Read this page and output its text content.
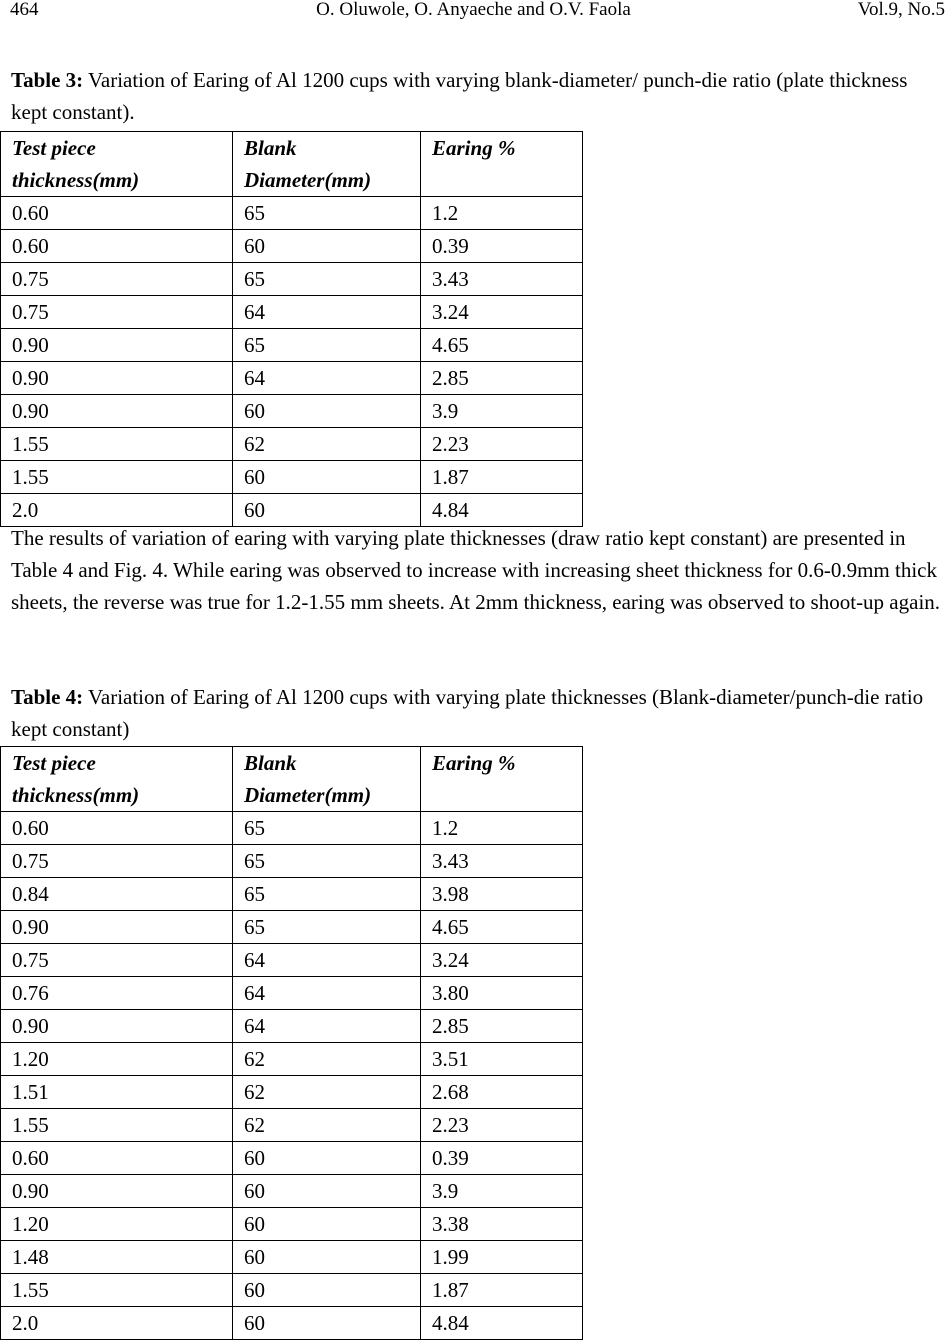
464	O. Oluwole, O. Anyaeche and O.V. Faola	Vol.9, No.5
Table 3: Variation of Earing of Al 1200 cups with varying blank-diameter/ punch-die ratio (plate thickness kept constant).
Test piece thickness(mm)	Blank Diameter(mm)	Earing %
0.60	65	1.2
0.60	60	0.39
0.75	65	3.43
0.75	64	3.24
0.90	65	4.65
0.90	64	2.85
0.90	60	3.9
1.55	62	2.23
1.55	60	1.87
2.0	60	4.84
The results of variation of earing with varying plate thicknesses (draw ratio kept constant) are presented in Table 4 and Fig. 4. While earing was observed to increase with increasing sheet thickness for 0.6-0.9mm thick sheets, the reverse was true for 1.2-1.55 mm sheets. At 2mm thickness, earing was observed to shoot-up again.
Table 4: Variation of Earing of Al 1200 cups with varying plate thicknesses (Blank-diameter/punch-die ratio kept constant)
Test piece thickness(mm)	Blank Diameter(mm)	Earing %
0.60	65	1.2
0.75	65	3.43
0.84	65	3.98
0.90	65	4.65
0.75	64	3.24
0.76	64	3.80
0.90	64	2.85
1.20	62	3.51
1.51	62	2.68
1.55	62	2.23
0.60	60	0.39
0.90	60	3.9
1.20	60	3.38
1.48	60	1.99
1.55	60	1.87
2.0	60	4.84
